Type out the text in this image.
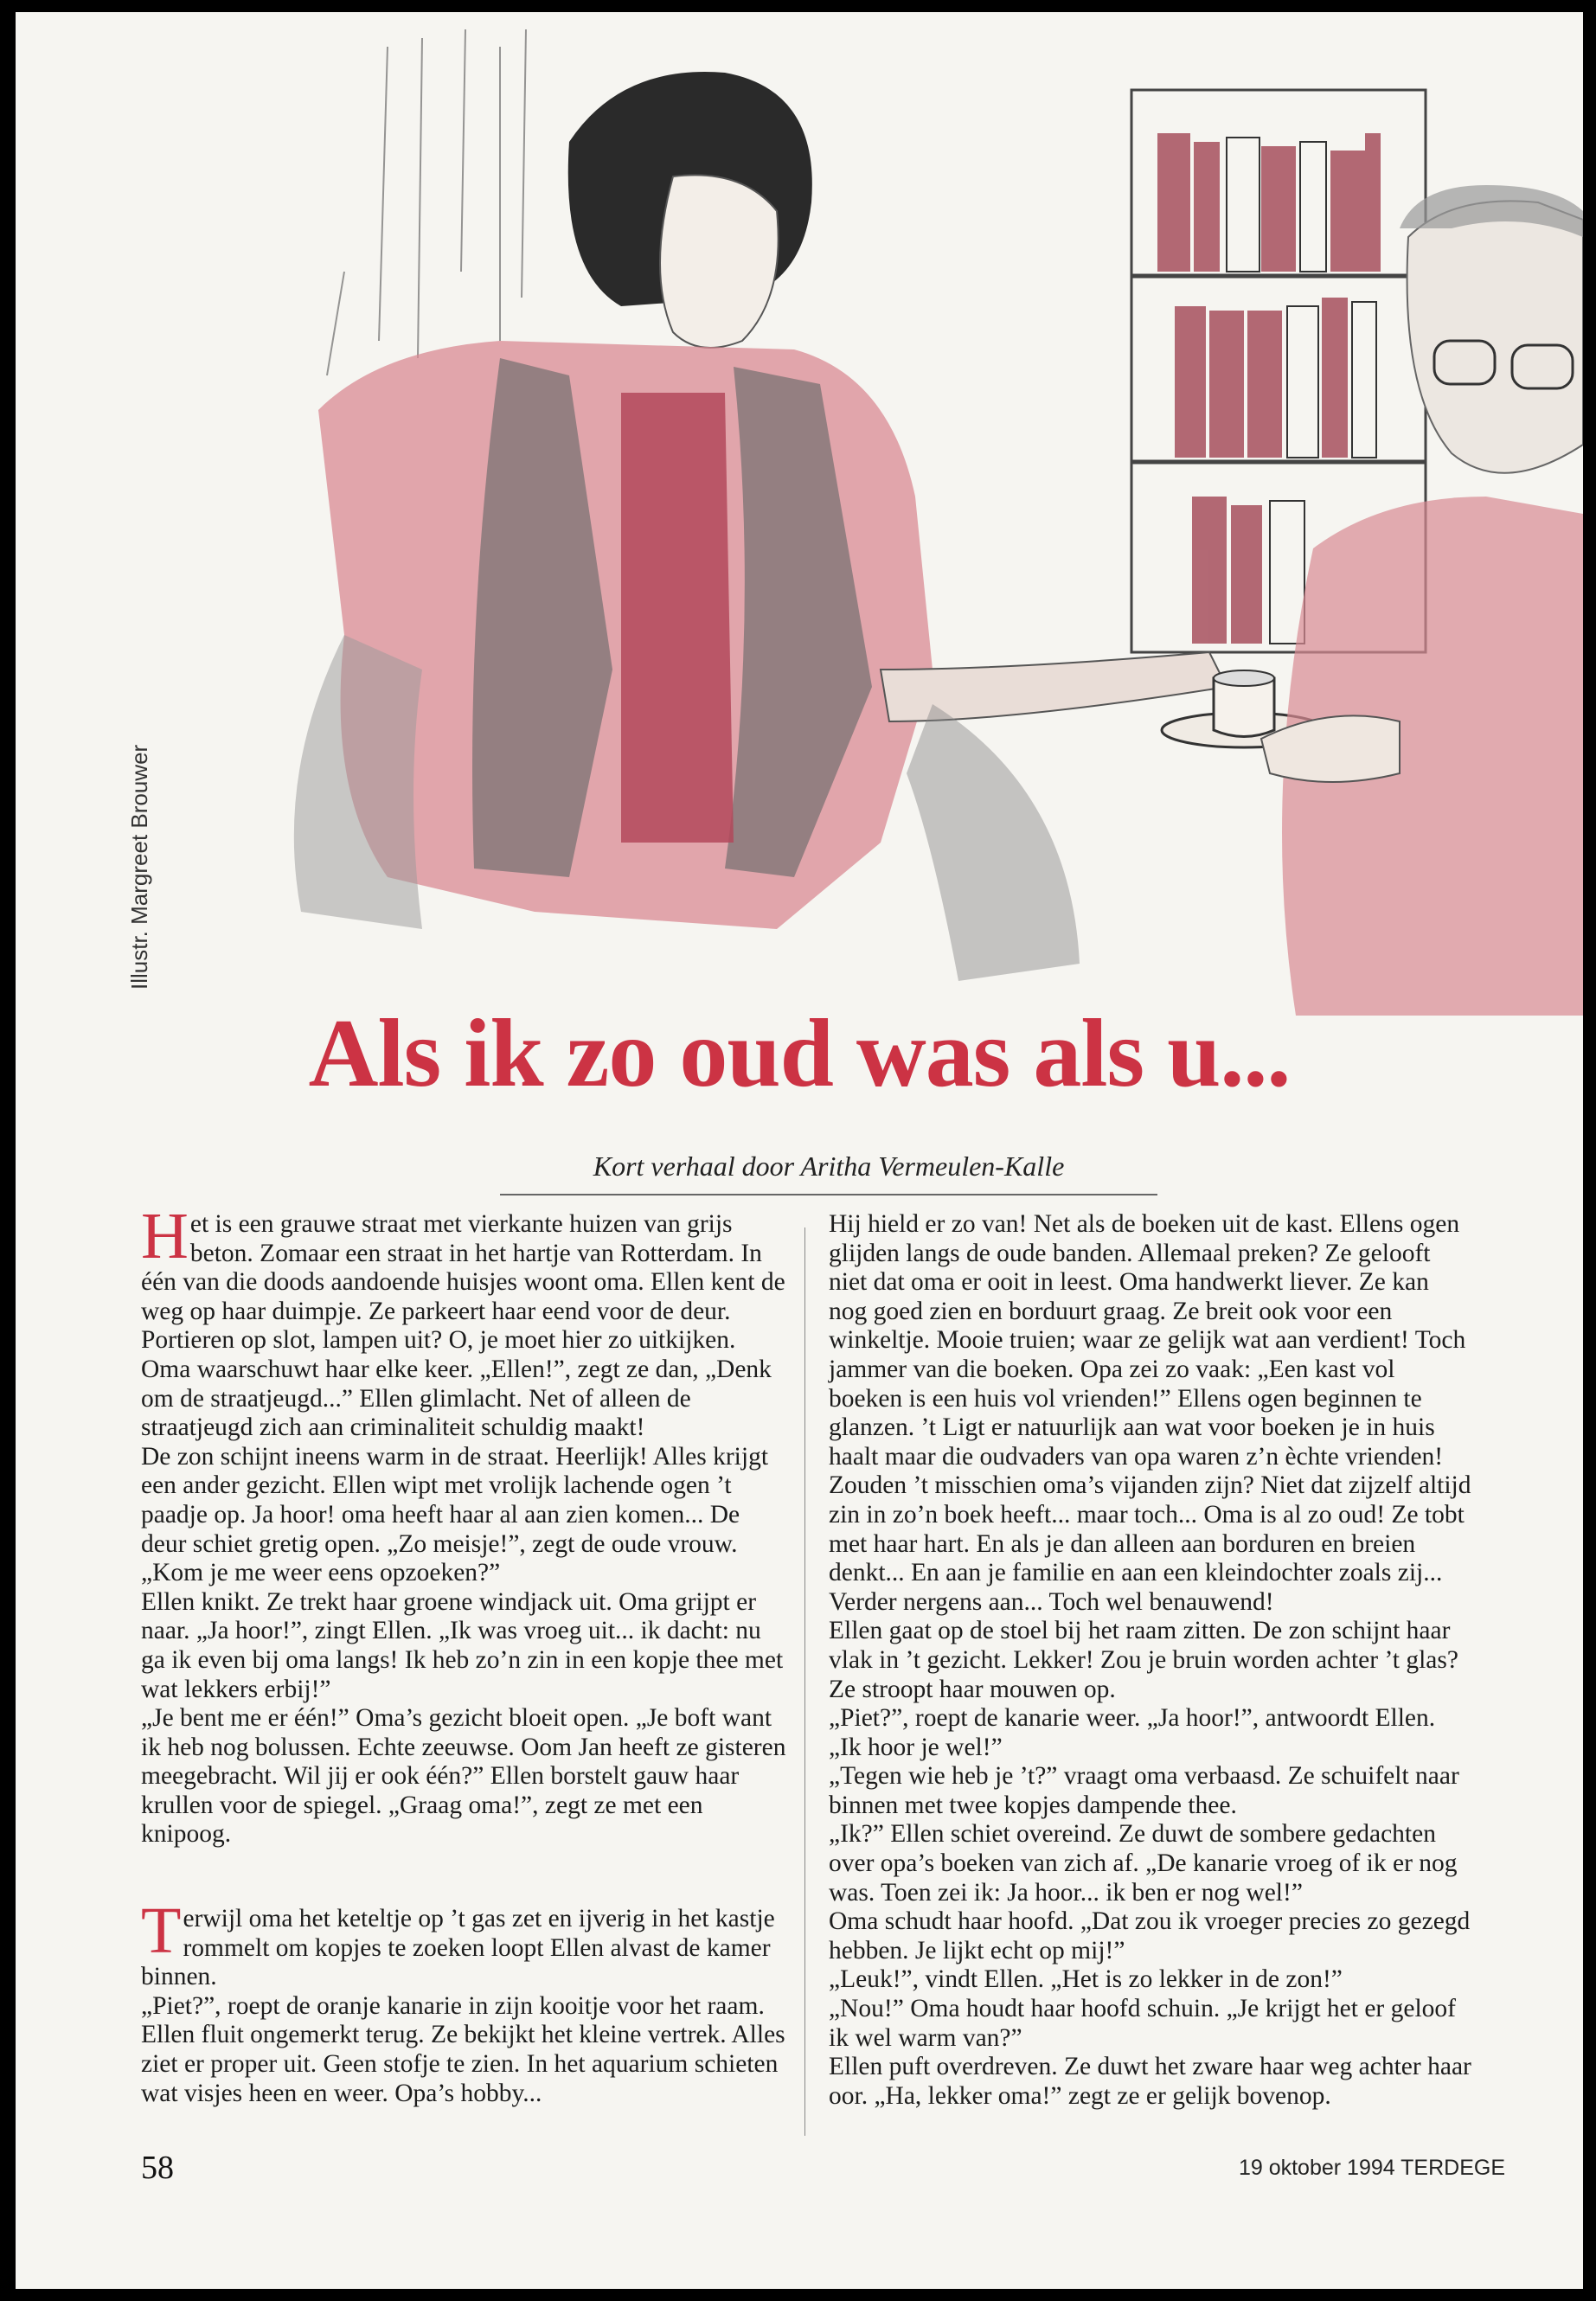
Illustr. Margreet Brouwer
Als ik zo oud was als u...
Kort verhaal door Aritha Vermeulen-Kalle

Het is een grauwe straat met vierkante huizen van grijs beton. Zomaar een straat in het hartje van Rotterdam. In één van die doods aandoende huisjes woont oma. Ellen kent de weg op haar duimpje. Ze parkeert haar eend voor de deur. Portieren op slot, lampen uit? O, je moet hier zo uitkijken. Oma waarschuwt haar elke keer. „Ellen!”, zegt ze dan, „Denk om de straatjeugd...” Ellen glimlacht. Net of alleen de straatjeugd zich aan criminaliteit schuldig maakt!

De zon schijnt ineens warm in de straat. Heerlijk! Alles krijgt een ander gezicht. Ellen wipt met vrolijk lachende ogen ’t paadje op. Ja hoor! oma heeft haar al aan zien komen... De deur schiet gretig open. „Zo meisje!”, zegt de oude vrouw. „Kom je me weer eens opzoeken?”

Ellen knikt. Ze trekt haar groene windjack uit. Oma grijpt er naar. „Ja hoor!”, zingt Ellen. „Ik was vroeg uit... ik dacht: nu ga ik even bij oma langs! Ik heb zo’n zin in een kopje thee met wat lekkers erbij!”

„Je bent me er één!” Oma’s gezicht bloeit open. „Je boft want ik heb nog bolussen. Echte zeeuwse. Oom Jan heeft ze gisteren meegebracht. Wil jij er ook één?” Ellen borstelt gauw haar krullen voor de spiegel. „Graag oma!”, zegt ze met een knipoog.

Terwijl oma het keteltje op ’t gas zet en ijverig in het kastje rommelt om kopjes te zoeken loopt Ellen alvast de kamer binnen.

„Piet?”, roept de oranje kanarie in zijn kooitje voor het raam. Ellen fluit ongemerkt terug. Ze bekijkt het kleine vertrek. Alles ziet er proper uit. Geen stofje te zien. In het aquarium schieten wat visjes heen en weer. Opa’s hobby...

Hij hield er zo van! Net als de boeken uit de kast. Ellens ogen glijden langs de oude banden. Allemaal preken? Ze gelooft niet dat oma er ooit in leest. Oma handwerkt liever. Ze kan nog goed zien en borduurt graag. Ze breit ook voor een winkeltje. Mooie truien; waar ze gelijk wat aan verdient! Toch jammer van die boeken. Opa zei zo vaak: „Een kast vol boeken is een huis vol vrienden!” Ellens ogen beginnen te glanzen. ’t Ligt er natuurlijk aan wat voor boeken je in huis haalt maar die oudvaders van opa waren z’n èchte vrienden! Zouden ’t misschien oma’s vijanden zijn? Niet dat zijzelf altijd zin in zo’n boek heeft... maar toch... Oma is al zo oud! Ze tobt met haar hart. En als je dan alleen aan borduren en breien denkt... En aan je familie en aan een kleindochter zoals zij... Verder nergens aan... Toch wel benauwend!

Ellen gaat op de stoel bij het raam zitten. De zon schijnt haar vlak in ’t gezicht. Lekker! Zou je bruin worden achter ’t glas? Ze stroopt haar mouwen op.

„Piet?”, roept de kanarie weer. „Ja hoor!”, antwoordt Ellen. „Ik hoor je wel!”

„Tegen wie heb je ’t?” vraagt oma verbaasd. Ze schuifelt naar binnen met twee kopjes dampende thee.

„Ik?” Ellen schiet overeind. Ze duwt de sombere gedachten over opa’s boeken van zich af. „De kanarie vroeg of ik er nog was. Toen zei ik: Ja hoor... ik ben er nog wel!”

Oma schudt haar hoofd. „Dat zou ik vroeger precies zo gezegd hebben. Je lijkt echt op mij!”

„Leuk!”, vindt Ellen. „Het is zo lekker in de zon!”

„Nou!” Oma houdt haar hoofd schuin. „Je krijgt het er geloof ik wel warm van?”

Ellen puft overdreven. Ze duwt het zware haar weg achter haar oor. „Ha, lekker oma!” zegt ze er gelijk bovenop.

58	19 oktober 1994 TERDEGE
